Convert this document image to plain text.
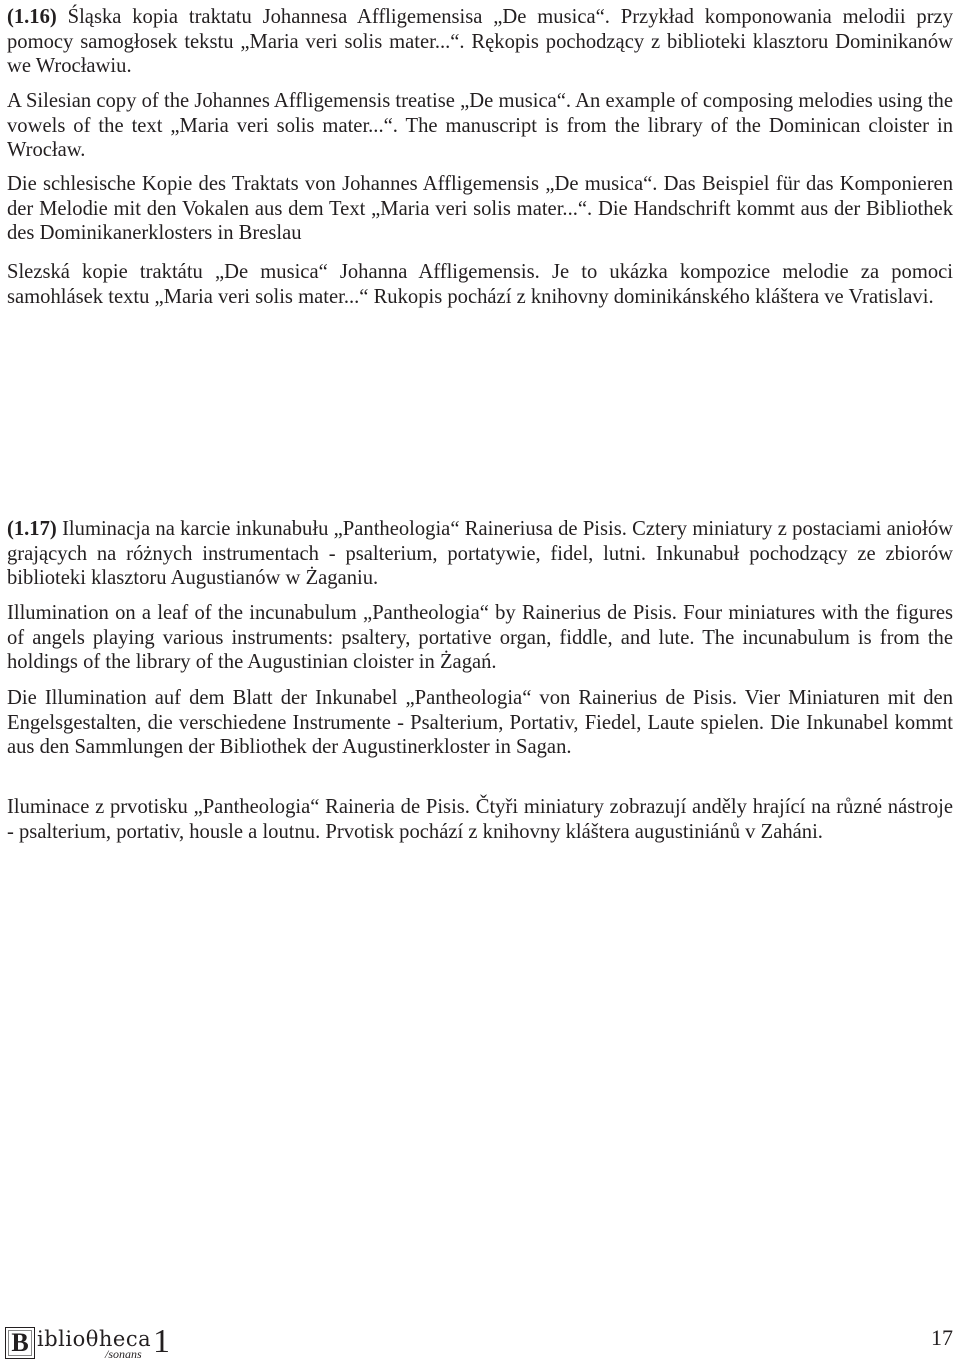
(1.16) Śląska kopia traktatu Johannesa Affligemensisa „De musica“. Przykład komponowania melodii przy pomocy samogłosek tekstu „Maria veri solis mater...“. Rękopis pochodzący z biblioteki klasztoru Dominikanów we Wrocławiu.

A Silesian copy of the Johannes Affligemensis treatise „De musica“. An example of composing melodies using the vowels of the text „Maria veri solis mater...“. The manuscript is from the library of the Dominican cloister in Wrocław.

Die schlesische Kopie des Traktats von Johannes Affligemensis „De musica“. Das Beispiel für das Komponieren der Melodie mit den Vokalen aus dem Text „Maria veri solis mater...“. Die Handschrift kommt aus der Bibliothek des Dominikanerklosters in Breslau

Slezská kopie traktátu „De musica“ Johanna Affligemensis. Je to ukázka kompozice melodie za pomoci samohlásek textu „Maria veri solis mater...“ Rukopis pochází z knihovny dominikánského kláštera ve Vratislavi.

(1.17) Iluminacja na karcie inkunabułu „Pantheologia“ Raineriusa de Pisis. Cztery miniatury z postaciami aniołów grających na różnych instrumentach - psalterium, portatywie, fidel, lutni. Inkunabuł pochodzący ze zbiorów biblioteki klasztoru Augustianów w Żaganiu.

Illumination on a leaf of the incunabulum „Pantheologia“ by Rainerius de Pisis. Four miniatures with the figures of angels playing various instruments: psaltery, portative organ, fiddle, and lute. The incunabulum is from the holdings of the library of the Augustinian cloister in Żagań.

Die Illumination auf dem Blatt der Inkunabel „Pantheologia“ von Rainerius de Pisis. Vier Miniaturen mit den Engelsgestalten, die verschiedene Instrumente - Psalterium, Portativ, Fiedel, Laute spielen. Die Inkunabel kommt aus den Sammlungen der Bibliothek der Augustinerkloster in Sagan.

Iluminace z prvotisku „Pantheologia“ Raineria de Pisis. Čtyři miniatury zobrazují anděly hrající na různé nástroje - psalterium, portativ, housle a loutnu. Prvotisk pochází z knihovny kláštera augustiniánů v Zaháni.

B iblioθheca
/sonans 1	17
